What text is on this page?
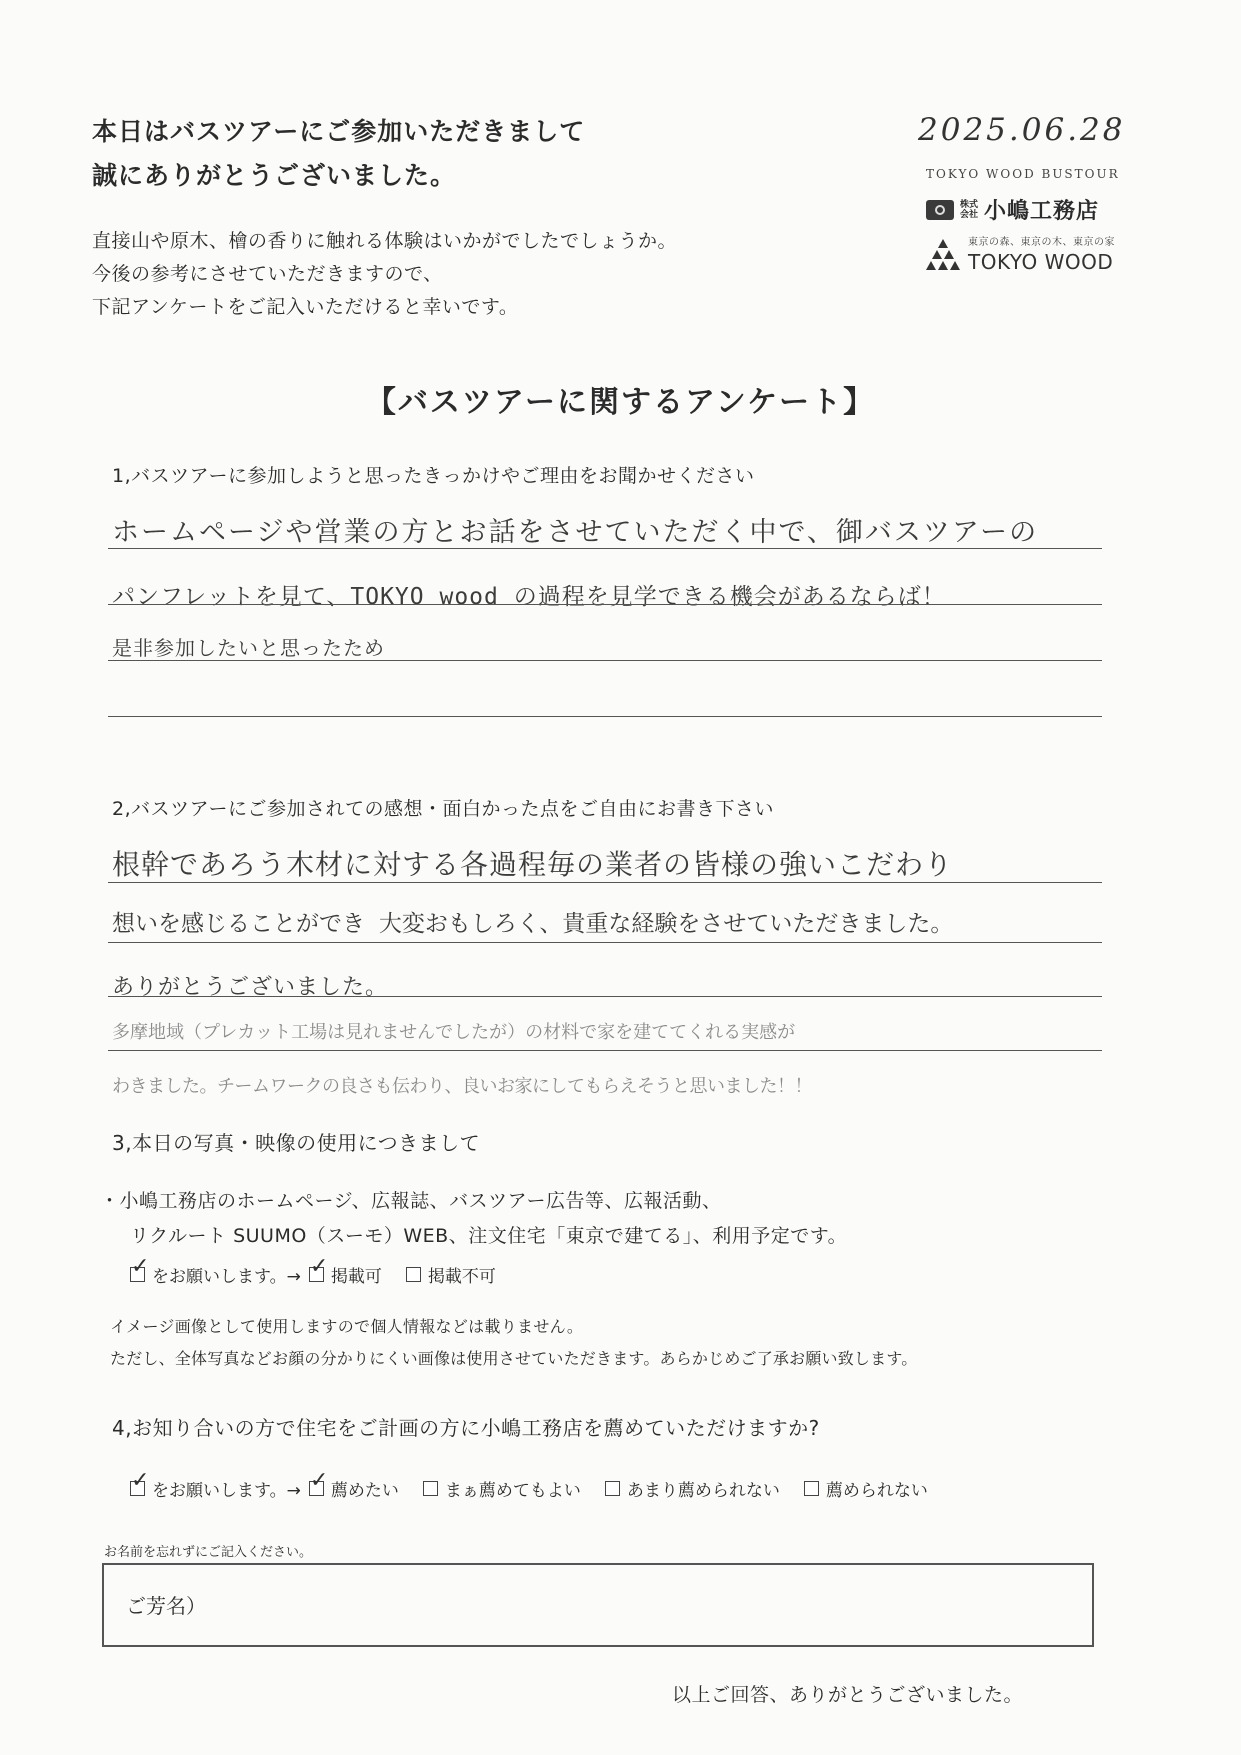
本日はバスツアーにご参加いただきまして
誠にありがとうございました。
直接山や原木、檜の香りに触れる体験はいかがでしたでしょうか。
今後の参考にさせていただきますので、
下記アンケートをご記入いただけると幸いです。
2025.06.28
TOKYO WOOD BUSTOUR
株式会社 小嶋工務店
東京の森、東京の木、東京の家
TOKYO WOOD
【バスツアーに関するアンケート】
1,バスツアーに参加しようと思ったきっかけやご理由をお聞かせください
ホームページや営業の方とお話をさせていただく中で、御バスツアーの
パンフレットを見て、TOKYO wood の過程を見学できる機会があるならば！
是非参加したいと思ったため
2,バスツアーにご参加されての感想・面白かった点をご自由にお書き下さい
根幹であろう木材に対する各過程毎の業者の皆様の強いこだわり
想いを感じることができ 大変おもしろく、貴重な経験をさせていただきました。
ありがとうございました。
多摩地域（プレカット工場は見れませんでしたが）の材料で家を建ててくれる実感が
わきました。チームワークの良さも伝わり、良いお家にしてもらえそうと思いました！！
3,本日の写真・映像の使用につきまして
・小嶋工務店のホームページ、広報誌、バスツアー広告等、広報活動、
リクルート SUUMO（スーモ）WEB、注文住宅「東京で建てる」、利用予定です。
✓ をお願いします。→ ✓ 掲載可	掲載不可
イメージ画像として使用しますので個人情報などは載りません。
ただし、全体写真などお顔の分かりにくい画像は使用させていただきます。あらかじめご了承お願い致します。
4,お知り合いの方で住宅をご計画の方に小嶋工務店を薦めていただけますか?
✓ をお願いします。→ ✓ 薦めたい	まぁ薦めてもよい	あまり薦められない	薦められない
お名前を忘れずにご記入ください。
ご芳名）
以上ご回答、ありがとうございました。
